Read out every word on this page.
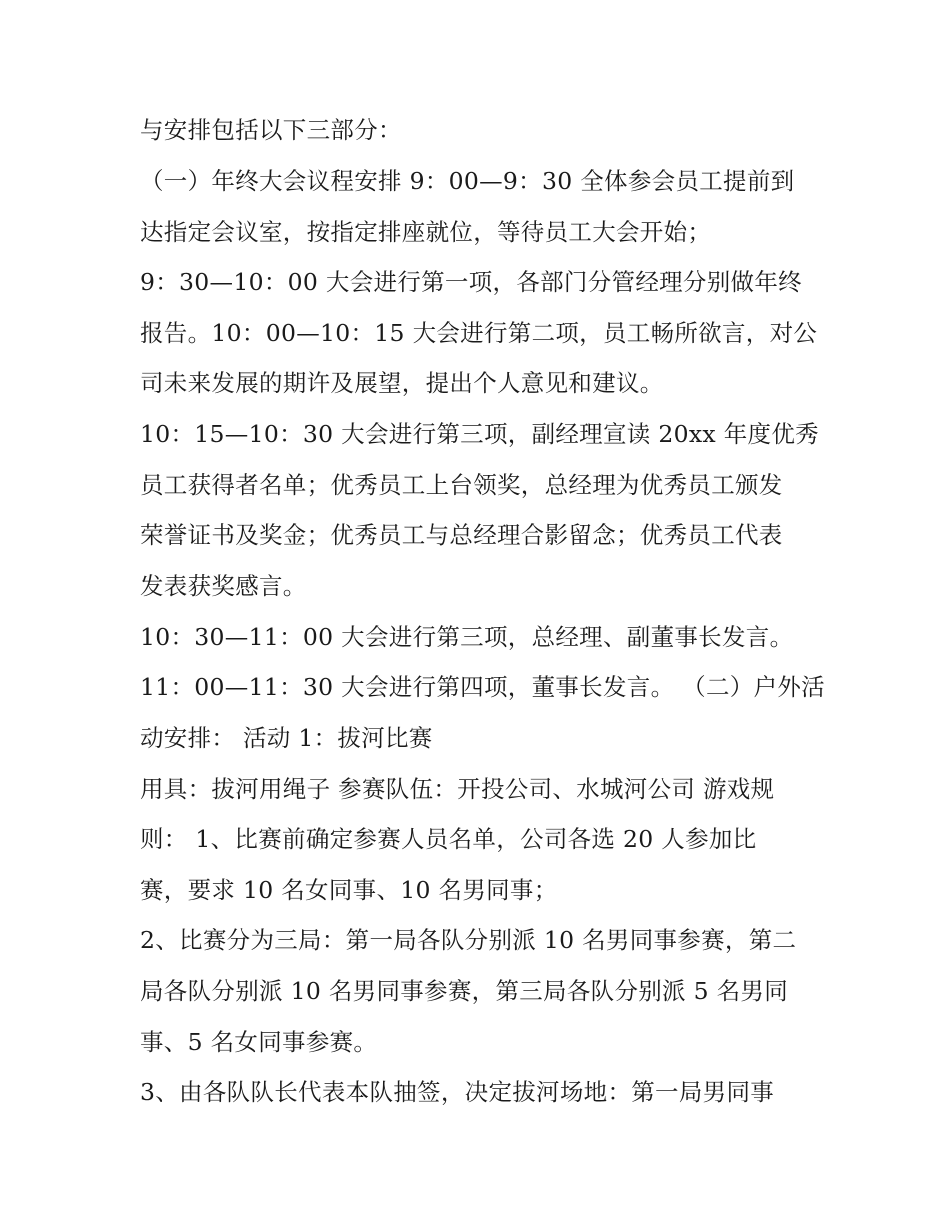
与安排包括以下三部分：
（一）年终大会议程安排 9：00—9：30 全体参会员工提前到
达指定会议室，按指定排座就位，等待员工大会开始；
9：30—10：00 大会进行第一项，各部门分管经理分别做年终
报告。10：00—10：15 大会进行第二项，员工畅所欲言，对公
司未来发展的期许及展望，提出个人意见和建议。
10：15—10：30 大会进行第三项，副经理宣读 20xx 年度优秀
员工获得者名单；优秀员工上台领奖，总经理为优秀员工颁发
荣誉证书及奖金；优秀员工与总经理合影留念；优秀员工代表
发表获奖感言。
10：30—11：00 大会进行第三项，总经理、副董事长发言。
11：00—11：30 大会进行第四项，董事长发言。 （二）户外活
动安排： 活动 1：拔河比赛
用具：拔河用绳子 参赛队伍：开投公司、水城河公司 游戏规
则： 1、比赛前确定参赛人员名单，公司各选 20 人参加比
赛，要求 10 名女同事、10 名男同事；
2、比赛分为三局：第一局各队分别派 10 名男同事参赛，第二
局各队分别派 10 名男同事参赛，第三局各队分别派 5 名男同
事、5 名女同事参赛。
3、由各队队长代表本队抽签，决定拔河场地：第一局男同事
